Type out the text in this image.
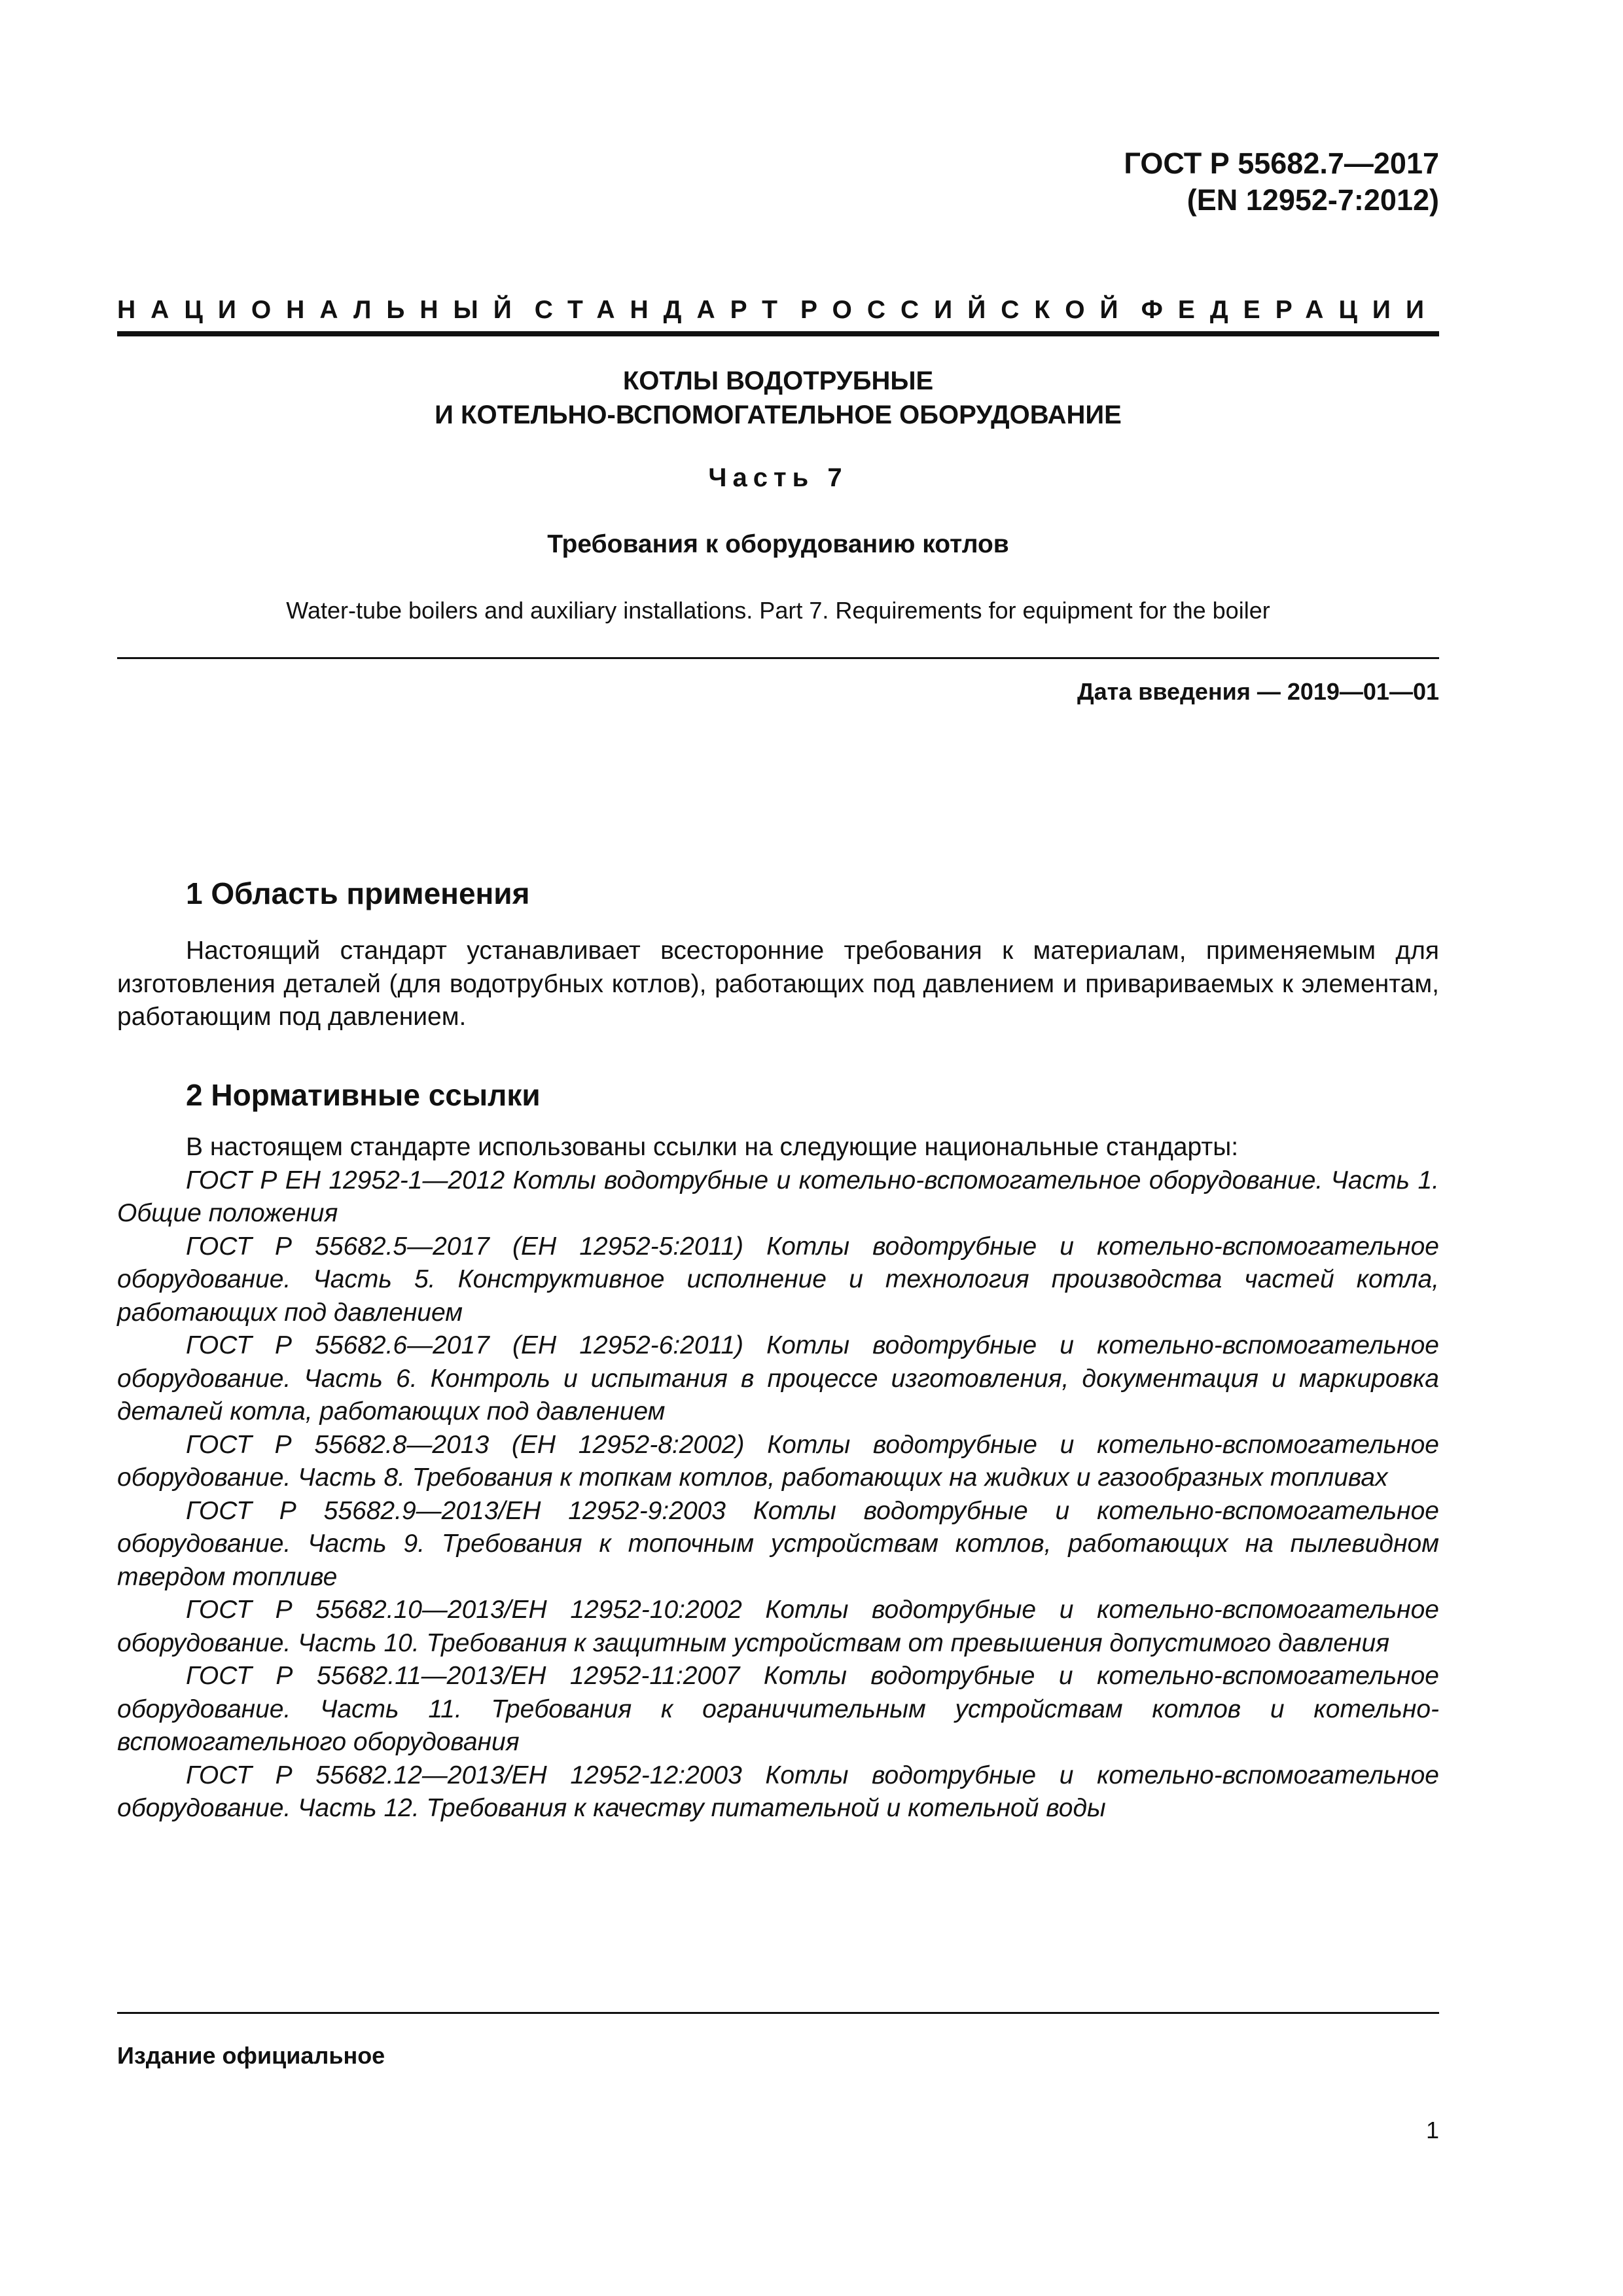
ГОСТ Р 55682.7—2017
(EN 12952-7:2012)
НАЦИОНАЛЬНЫЙ СТАНДАРТ РОССИЙСКОЙ ФЕДЕРАЦИИ
КОТЛЫ ВОДОТРУБНЫЕ
И КОТЕЛЬНО-ВСПОМОГАТЕЛЬНОЕ ОБОРУДОВАНИЕ
Часть 7
Требования к оборудованию котлов
Water-tube boilers and auxiliary installations. Part 7. Requirements for equipment for the boiler
Дата введения — 2019—01—01
1 Область применения

Настоящий стандарт устанавливает всесторонние требования к материалам, применяемым для изготовления деталей (для водотрубных котлов), работающих под давлением и привариваемых к элементам, работающим под давлением.

2 Нормативные ссылки

В настоящем стандарте использованы ссылки на следующие национальные стандарты:

ГОСТ Р ЕН 12952-1—2012 Котлы водотрубные и котельно-вспомогательное оборудование. Часть 1. Общие положения

ГОСТ Р 55682.5—2017 (ЕН 12952-5:2011) Котлы водотрубные и котельно-вспомогательное оборудование. Часть 5. Конструктивное исполнение и технология производства частей котла, работающих под давлением

ГОСТ Р 55682.6—2017 (ЕН 12952-6:2011) Котлы водотрубные и котельно-вспомогательное оборудование. Часть 6. Контроль и испытания в процессе изготовления, документация и маркировка деталей котла, работающих под давлением

ГОСТ Р 55682.8—2013 (ЕН 12952-8:2002) Котлы водотрубные и котельно-вспомогательное оборудование. Часть 8. Требования к топкам котлов, работающих на жидких и газообразных топливах

ГОСТ Р 55682.9—2013/ЕН 12952-9:2003 Котлы водотрубные и котельно-вспомогательное оборудование. Часть 9. Требования к топочным устройствам котлов, работающих на пылевидном твердом топливе

ГОСТ Р 55682.10—2013/ЕН 12952-10:2002 Котлы водотрубные и котельно-вспомогательное оборудование. Часть 10. Требования к защитным устройствам от превышения допустимого давления

ГОСТ Р 55682.11—2013/ЕН 12952-11:2007 Котлы водотрубные и котельно-вспомогательное оборудование. Часть 11. Требования к ограничительным устройствам котлов и котельно-вспомогательного оборудования

ГОСТ Р 55682.12—2013/ЕН 12952-12:2003 Котлы водотрубные и котельно-вспомогательное оборудование. Часть 12. Требования к качеству питательной и котельной воды

Издание официальное
1
